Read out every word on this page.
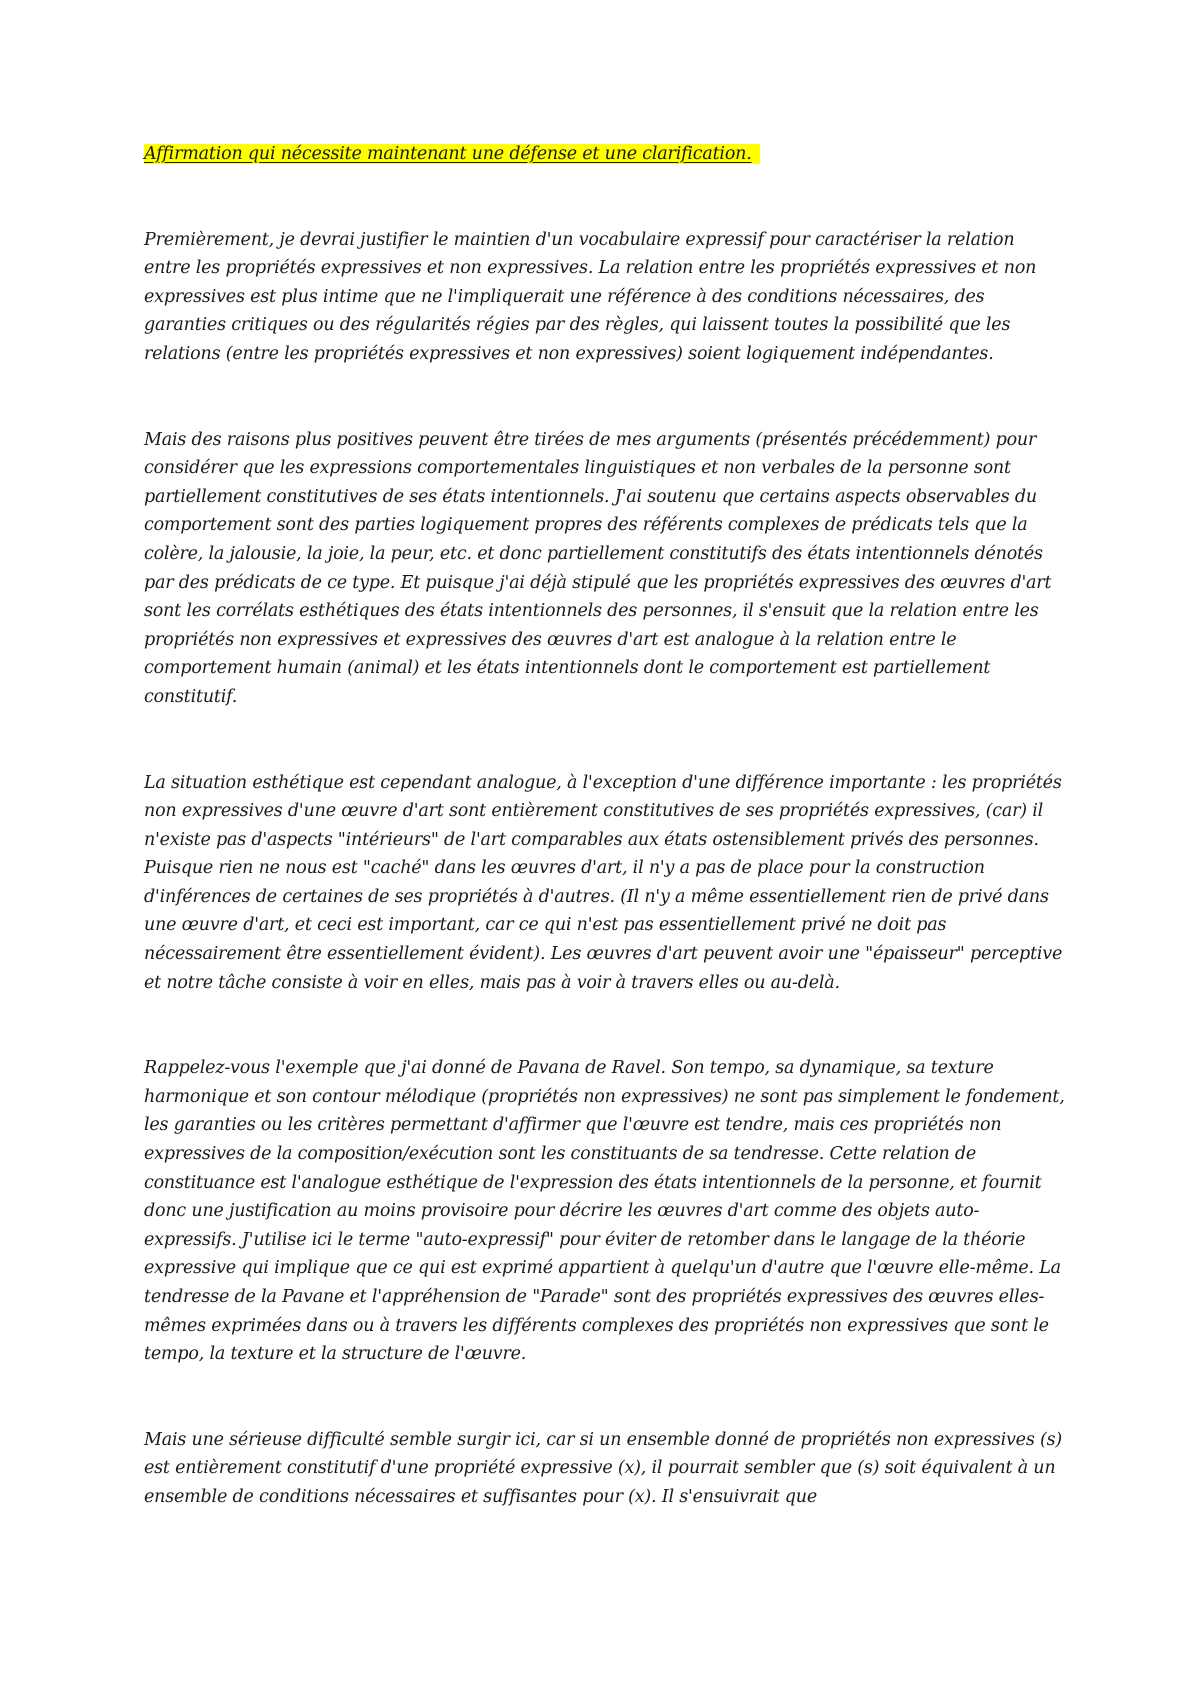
Affirmation qui nécessite maintenant une défense et une clarification.

Premièrement, je devrai justifier le maintien d'un vocabulaire expressif pour caractériser la relation entre les propriétés expressives et non expressives. La relation entre les propriétés expressives et non expressives est plus intime que ne l'impliquerait une référence à des conditions nécessaires, des garanties critiques ou des régularités régies par des règles, qui laissent toutes la possibilité que les relations (entre les propriétés expressives et non expressives) soient logiquement indépendantes.

Mais des raisons plus positives peuvent être tirées de mes arguments (présentés précédemment) pour considérer que les expressions comportementales linguistiques et non verbales de la personne sont partiellement constitutives de ses états intentionnels. J'ai soutenu que certains aspects observables du comportement sont des parties logiquement propres des référents complexes de prédicats tels que la colère, la jalousie, la joie, la peur, etc. et donc partiellement constitutifs des états intentionnels dénotés par des prédicats de ce type. Et puisque j'ai déjà stipulé que les propriétés expressives des œuvres d'art sont les corrélats esthétiques des états intentionnels des personnes, il s'ensuit que la relation entre les propriétés non expressives et expressives des œuvres d'art est analogue à la relation entre le comportement humain (animal) et les états intentionnels dont le comportement est partiellement constitutif.

La situation esthétique est cependant analogue, à l'exception d'une différence importante : les propriétés non expressives d'une œuvre d'art sont entièrement constitutives de ses propriétés expressives, (car) il n'existe pas d'aspects "intérieurs" de l'art comparables aux états ostensiblement privés des personnes. Puisque rien ne nous est "caché" dans les œuvres d'art, il n'y a pas de place pour la construction d'inférences de certaines de ses propriétés à d'autres. (Il n'y a même essentiellement rien de privé dans une œuvre d'art, et ceci est important, car ce qui n'est pas essentiellement privé ne doit pas nécessairement être essentiellement évident). Les œuvres d'art peuvent avoir une "épaisseur" perceptive et notre tâche consiste à voir en elles, mais pas à voir à travers elles ou au-delà.

Rappelez-vous l'exemple que j'ai donné de Pavana de Ravel. Son tempo, sa dynamique, sa texture harmonique et son contour mélodique (propriétés non expressives) ne sont pas simplement le fondement, les garanties ou les critères permettant d'affirmer que l'œuvre est tendre, mais ces propriétés non expressives de la composition/exécution sont les constituants de sa tendresse. Cette relation de constituance est l'analogue esthétique de l'expression des états intentionnels de la personne, et fournit donc une justification au moins provisoire pour décrire les œuvres d'art comme des objets auto-expressifs. J'utilise ici le terme "auto-expressif" pour éviter de retomber dans le langage de la théorie expressive qui implique que ce qui est exprimé appartient à quelqu'un d'autre que l'œuvre elle-même. La tendresse de la Pavane et l'appréhension de "Parade" sont des propriétés expressives des œuvres elles-mêmes exprimées dans ou à travers les différents complexes des propriétés non expressives que sont le tempo, la texture et la structure de l'œuvre.

Mais une sérieuse difficulté semble surgir ici, car si un ensemble donné de propriétés non expressives (s) est entièrement constitutif d'une propriété expressive (x), il pourrait sembler que (s) soit équivalent à un ensemble de conditions nécessaires et suffisantes pour (x). Il s'ensuivrait que
